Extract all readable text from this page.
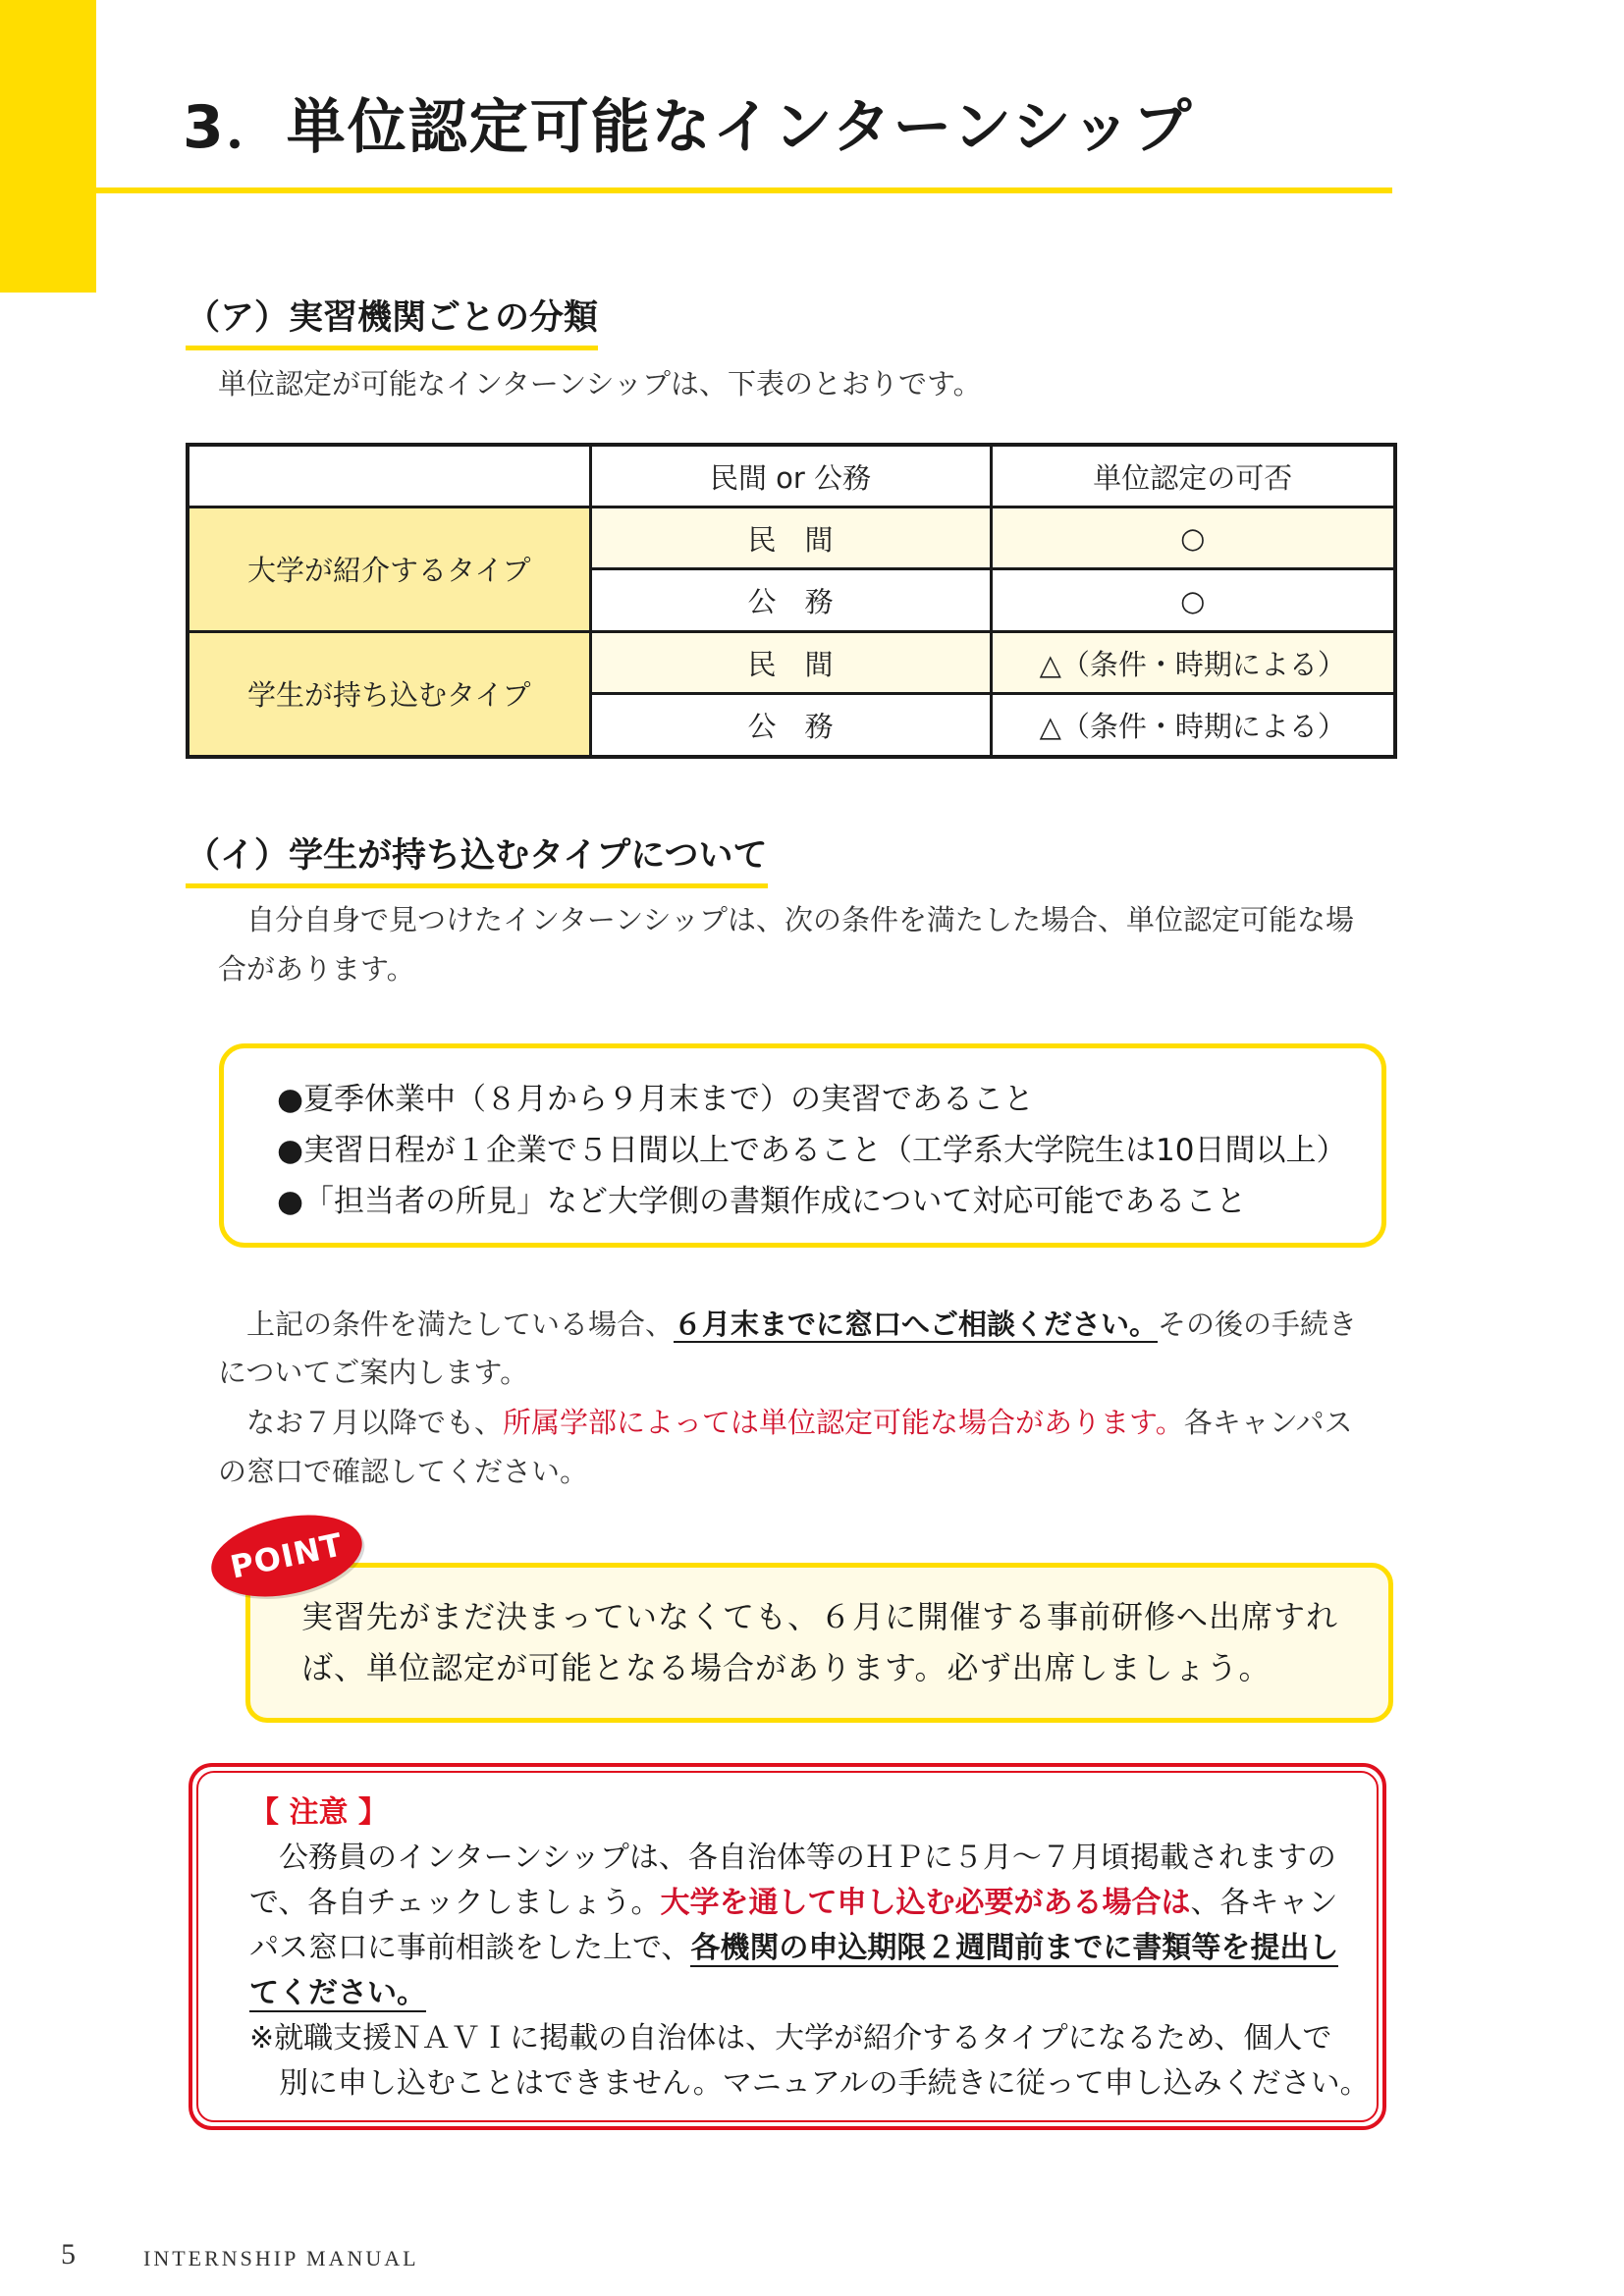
3．単位認定可能なインターンシップ
（ア）実習機関ごとの分類

単位認定が可能なインターンシップは、下表のとおりです。

	民間 or 公務	単位認定の可否
大学が紹介するタイプ	民　間	○
	公　務	○
学生が持ち込むタイプ	民　間	△（条件・時期による）
	公　務	△（条件・時期による）
（イ）学生が持ち込むタイプについて

自分自身で見つけたインターンシップは、次の条件を満たした場合、単位認定可能な場

合があります。

●夏季休業中（８月から９月末まで）の実習であること
●実習日程が１企業で５日間以上であること（工学系大学院生は10日間以上）
●「担当者の所見」など大学側の書類作成について対応可能であること

上記の条件を満たしている場合、６月末までに窓口へご相談ください。その後の手続き

についてご案内します。

なお７月以降でも、所属学部によっては単位認定可能な場合があります。各キャンパス

の窓口で確認してください。

実習先がまだ決まっていなくても、６月に開催する事前研修へ出席すれ
ば、単位認定が可能となる場合があります。必ず出席しましょう。
POINT
【 注意 】

公務員のインターンシップは、各自治体等のＨＰに５月～７月頃掲載されますの

で、各自チェックしましょう。大学を通して申し込む必要がある場合は、各キャン

パス窓口に事前相談をした上で、各機関の申込期限２週間前までに書類等を提出し

てください。

※就職支援ＮＡＶＩに掲載の自治体は、大学が紹介するタイプになるため、個人で

別に申し込むことはできません。マニュアルの手続きに従って申し込みください。

5	INTERNSHIP MANUAL
